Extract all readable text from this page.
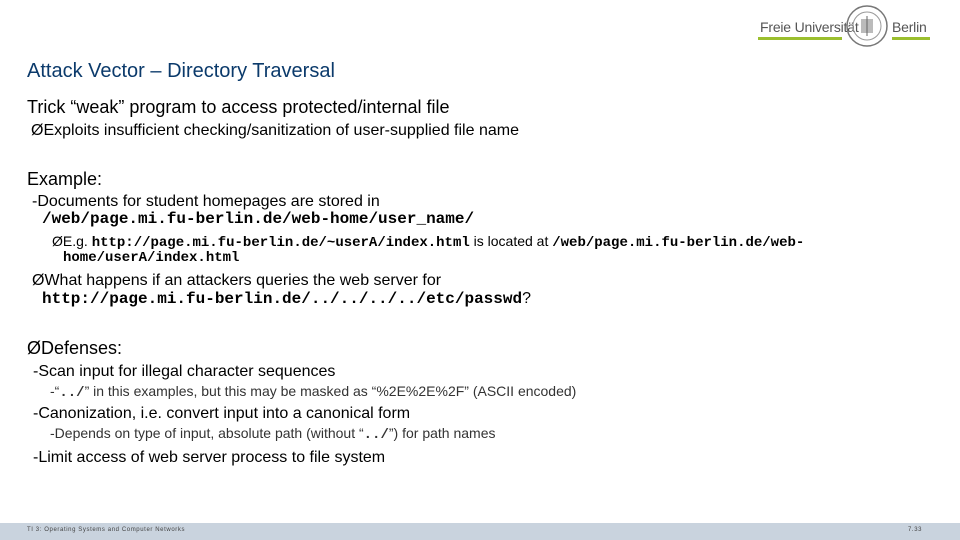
Freie Universität Berlin
Attack Vector – Directory Traversal
Trick “weak” program to access protected/internal file
ØExploits insufficient checking/sanitization of user-supplied file name
Example:
-Documents for student homepages are stored in
/web/page.mi.fu-berlin.de/web-home/user_name/
ØE.g. http://page.mi.fu-berlin.de/~userA/index.html is located at /web/page.mi.fu-berlin.de/web-
home/userA/index.html
ØWhat happens if an attackers queries the web server for
http://page.mi.fu-berlin.de/../../../../etc/passwd?
ØDefenses:
-Scan input for illegal character sequences
-“../” in this examples, but this may be masked as “%2E%2E%2F” (ASCII encoded)
-Canonization, i.e. convert input into a canonical form
-Depends on type of input, absolute path (without “../”) for path names
-Limit access of web server process to file system
TI 3: Operating Systems and Computer Networks	7.33
